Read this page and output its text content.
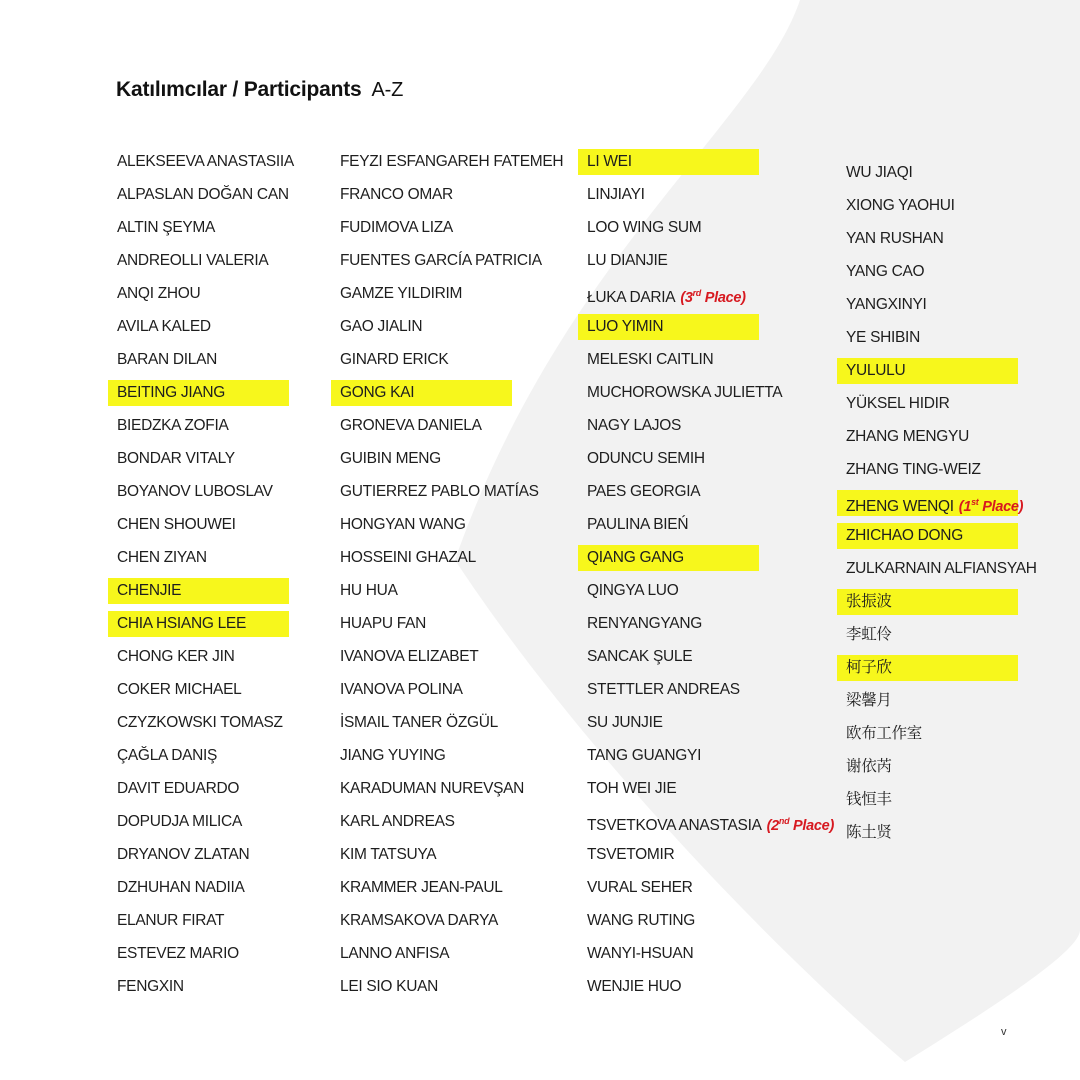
Katılımcılar / Participants A-Z
ALEKSEEVA ANASTASIIA
ALPASLAN DOĞAN CAN
ALTIN ŞEYMA
ANDREOLLI VALERIA
ANQI ZHOU
AVILA KALED
BARAN DILAN
BEITING JIANG
BIEDZKA ZOFIA
BONDAR VITALY
BOYANOV LUBOSLAV
CHEN SHOUWEI
CHEN ZIYAN
CHENJIE
CHIA HSIANG LEE
CHONG KER JIN
COKER MICHAEL
CZYZKOWSKI TOMASZ
ÇAĞLA DANIŞ
DAVIT EDUARDO
DOPUDJA MILICA
DRYANOV ZLATAN
DZHUHAN NADIIA
ELANUR FIRAT
ESTEVEZ MARIO
FENGXIN
FEYZI ESFANGAREH FATEMEH
FRANCO OMAR
FUDIMOVA LIZA
FUENTES GARCÍA PATRICIA
GAMZE YILDIRIM
GAO JIALIN
GINARD ERICK
GONG KAI
GRONEVA DANIELA
GUIBIN MENG
GUTIERREZ PABLO MATÍAS
HONGYAN WANG
HOSSEINI GHAZAL
HU HUA
HUAPU FAN
IVANOVA ELIZABET
IVANOVA POLINA
İSMAIL TANER ÖZGÜL
JIANG YUYING
KARADUMAN NUREVŞAN
KARL ANDREAS
KIM TATSUYA
KRAMMER JEAN-PAUL
KRAMSAKOVA DARYA
LANNO ANFISA
LEI SIO KUAN
LI WEI
LINJIAYI
LOO WING SUM
LU DIANJIE
ŁUKA DARIA (3rd Place)
LUO YIMIN
MELESKI CAITLIN
MUCHOROWSKA JULIETTA
NAGY LAJOS
ODUNCU SEMIH
PAES GEORGIA
PAULINA BIEŃ
QIANG GANG
QINGYA LUO
RENYANGYANG
SANCAK ŞULE
STETTLER ANDREAS
SU JUNJIE
TANG GUANGYI
TOH WEI JIE
TSVETKOVA ANASTASIA (2nd Place)
TSVETOMIR
VURAL SEHER
WANG RUTING
WANYI-HSUAN
WENJIE HUO
WU JIAQI
XIONG YAOHUI
YAN RUSHAN
YANG CAO
YANGXINYI
YE SHIBIN
YULULU
YÜKSEL HIDIR
ZHANG MENGYU
ZHANG TING-WEIZ
ZHENG WENQI (1st Place)
ZHICHAO DONG
ZULKARNAIN ALFIANSYAH
张振波
李虹伶
柯子欣
梁馨月
欧布工作室
谢依芮
钱恒丰
陈土贤
v
